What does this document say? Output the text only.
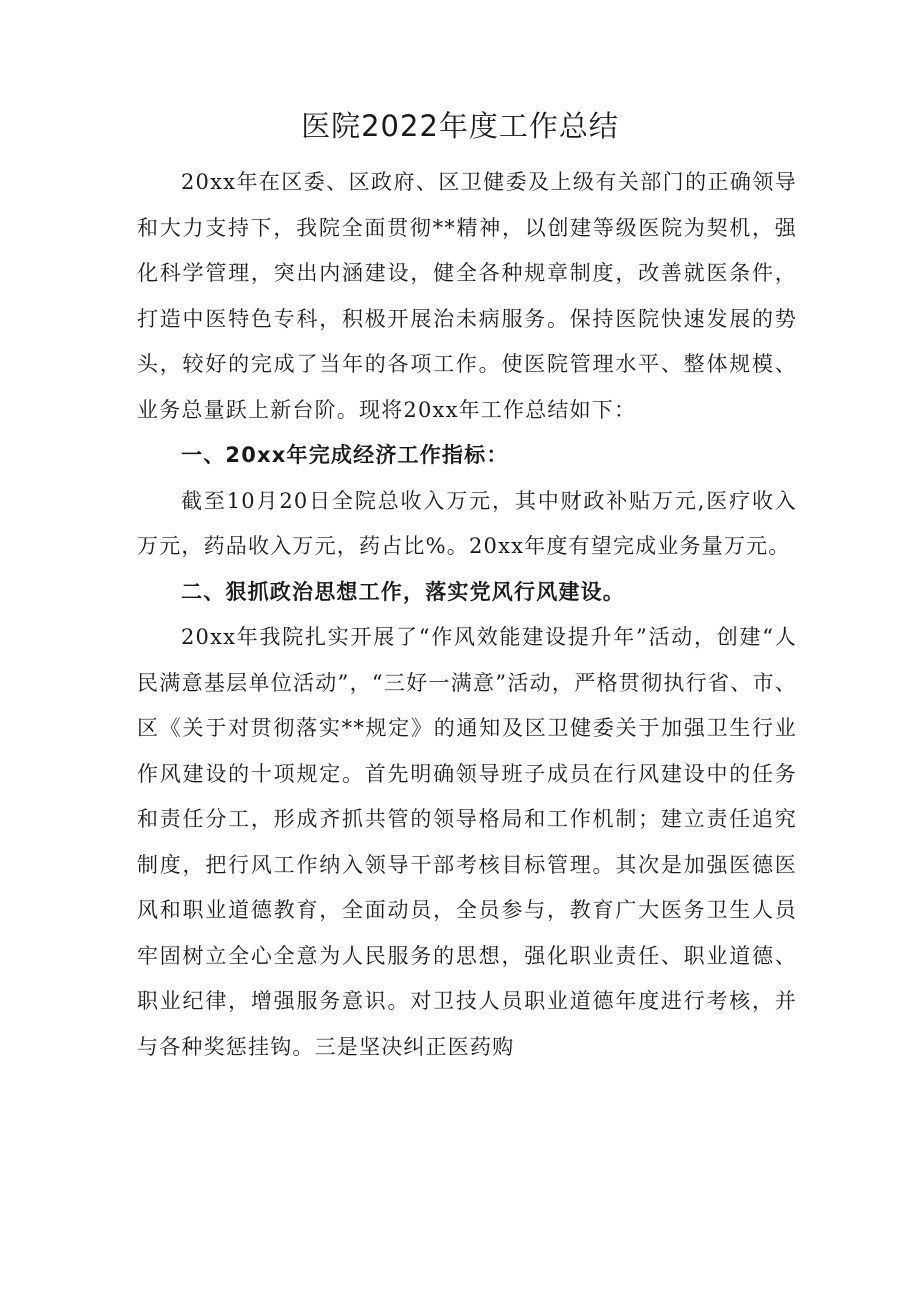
医院2022年度工作总结

20xx年在区委、区政府、区卫健委及上级有关部门的正确领导和大力支持下，我院全面贯彻**精神，以创建等级医院为契机，强化科学管理，突出内涵建设，健全各种规章制度，改善就医条件，打造中医特色专科，积极开展治未病服务。保持医院快速发展的势头，较好的完成了当年的各项工作。使医院管理水平、整体规模、业务总量跃上新台阶。现将20xx年工作总结如下：

一、20xx年完成经济工作指标：

截至10月20日全院总收入万元，其中财政补贴万元,医疗收入万元，药品收入万元，药占比%。20xx年度有望完成业务量万元。

二、狠抓政治思想工作，落实党风行风建设。

20xx年我院扎实开展了“作风效能建设提升年”活动，创建“人民满意基层单位活动”，“三好一满意”活动，严格贯彻执行省、市、区《关于对贯彻落实**规定》的通知及区卫健委关于加强卫生行业作风建设的十项规定。首先明确领导班子成员在行风建设中的任务和责任分工，形成齐抓共管的领导格局和工作机制；建立责任追究制度，把行风工作纳入领导干部考核目标管理。其次是加强医德医风和职业道德教育，全面动员，全员参与，教育广大医务卫生人员牢固树立全心全意为人民服务的思想，强化职业责任、职业道德、职业纪律，增强服务意识。对卫技人员职业道德年度进行考核，并与各种奖惩挂钩。三是坚决纠正医药购
